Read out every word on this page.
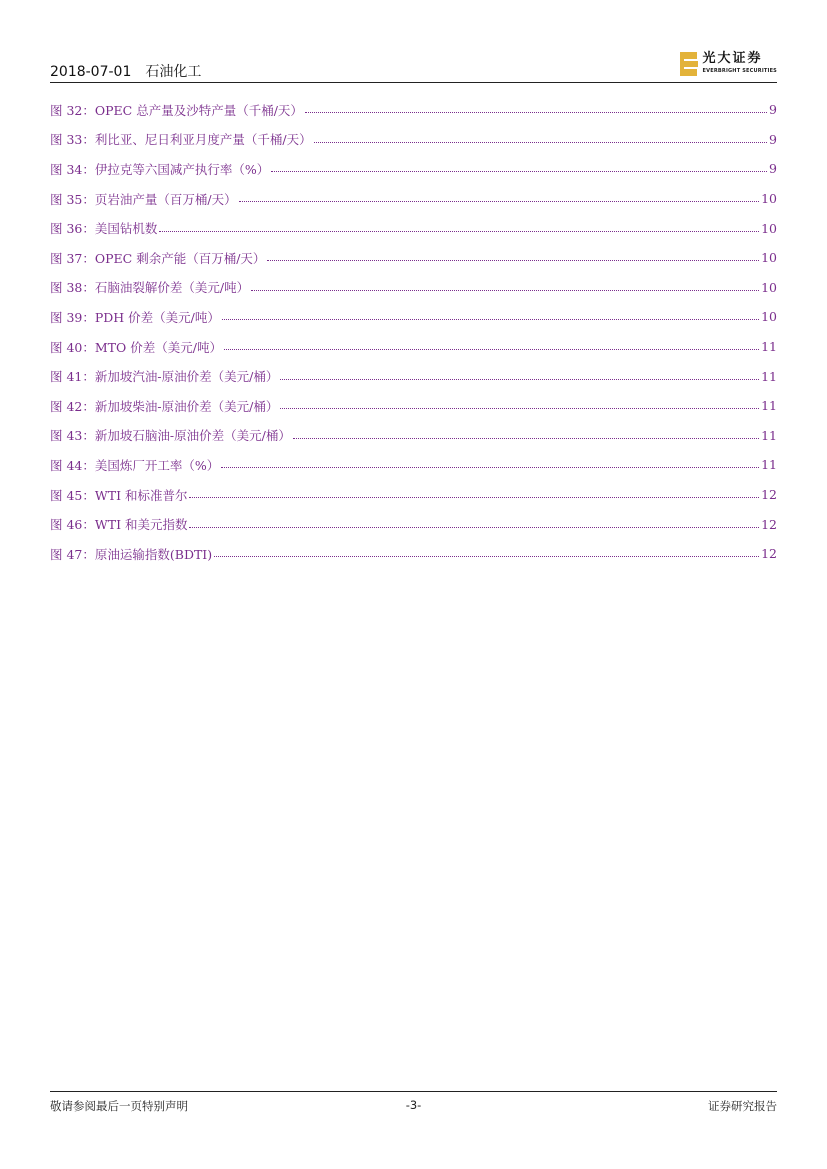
2018-07-01 石油化工
光大证券
EVERBRIGHT SECURITIES
图 32：OPEC 总产量及沙特产量（千桶/天）	9
图 33：利比亚、尼日利亚月度产量（千桶/天）	9
图 34：伊拉克等六国减产执行率（%）	9
图 35：页岩油产量（百万桶/天）	10
图 36：美国钻机数	10
图 37：OPEC 剩余产能（百万桶/天）	10
图 38：石脑油裂解价差（美元/吨）	10
图 39：PDH 价差（美元/吨）	10
图 40：MTO 价差（美元/吨）	11
图 41：新加坡汽油-原油价差（美元/桶）	11
图 42：新加坡柴油-原油价差（美元/桶）	11
图 43：新加坡石脑油-原油价差（美元/桶）	11
图 44：美国炼厂开工率（%）	11
图 45：WTI 和标准普尔	12
图 46：WTI 和美元指数	12
图 47：原油运输指数(BDTI)	12
敬请参阅最后一页特别声明	-3-	证券研究报告
